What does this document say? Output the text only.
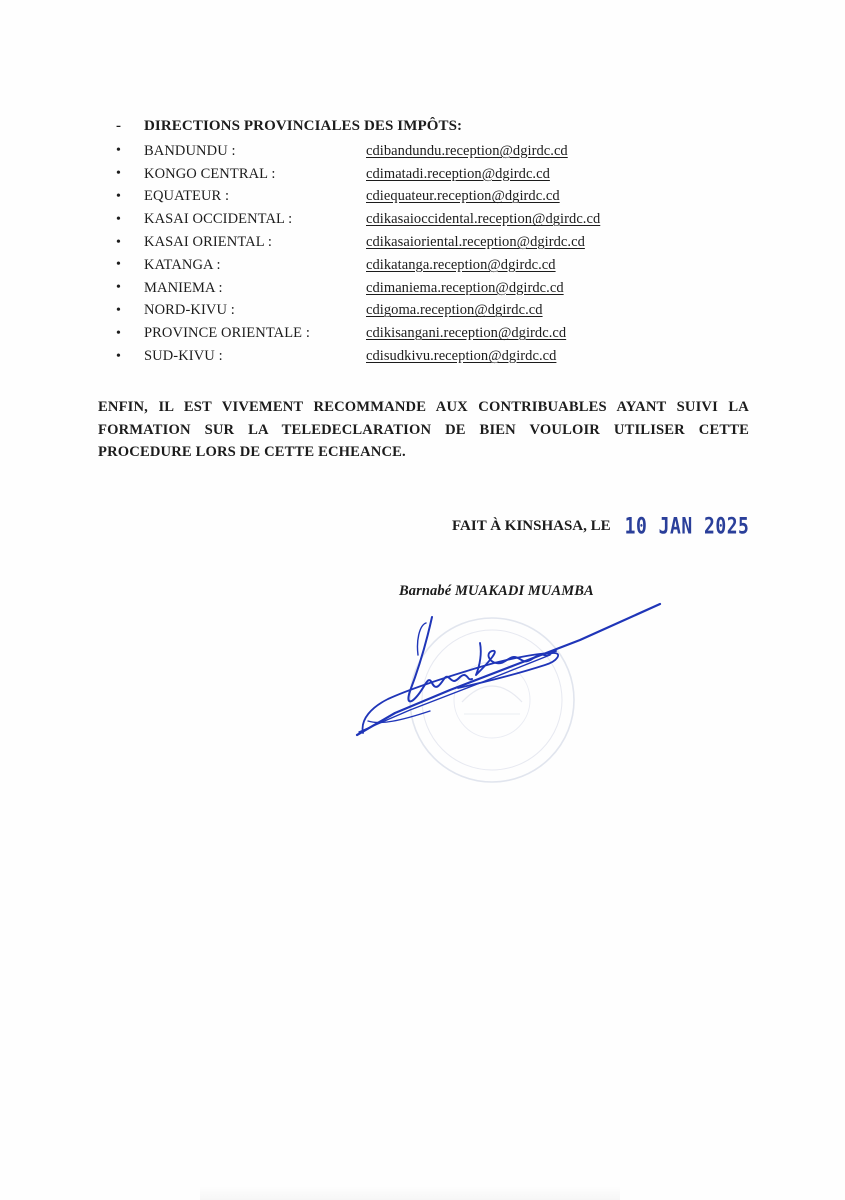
-	DIRECTIONS PROVINCIALES DES IMPÔTS:
•	BANDUNDU :	cdibandundu.reception@dgirdc.cd
•	KONGO CENTRAL :	cdimatadi.reception@dgirdc.cd
•	EQUATEUR :	cdiequateur.reception@dgirdc.cd
•	KASAI OCCIDENTAL :	cdikasaioccidental.reception@dgirdc.cd
•	KASAI ORIENTAL :	cdikasaioriental.reception@dgirdc.cd
•	KATANGA :	cdikatanga.reception@dgirdc.cd
•	MANIEMA :	cdimaniema.reception@dgirdc.cd
•	NORD-KIVU :	cdigoma.reception@dgirdc.cd
•	PROVINCE ORIENTALE :	cdikisangani.reception@dgirdc.cd
•	SUD-KIVU :	cdisudkivu.reception@dgirdc.cd

ENFIN, IL EST VIVEMENT RECOMMANDE AUX CONTRIBUABLES AYANT SUIVI LA FORMATION SUR LA TELEDECLARATION DE BIEN VOULOIR UTILISER CETTE PROCEDURE LORS DE CETTE ECHEANCE.

FAIT À KINSHASA, LE 10 JAN 2025
Barnabé MUAKADI MUAMBA
